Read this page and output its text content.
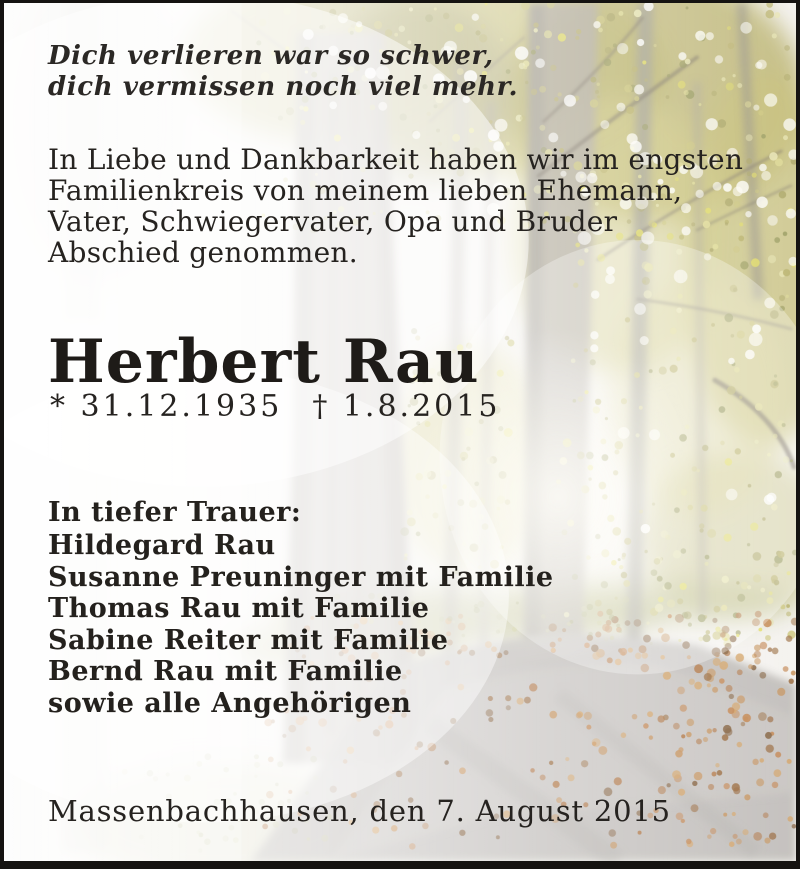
Dich verlieren war so schwer,
dich vermissen noch viel mehr.
In Liebe und Dankbarkeit haben wir im engsten
Familienkreis von meinem lieben Ehemann,
Vater, Schwiegervater, Opa und Bruder
Abschied genommen.
Herbert Rau
* 31.12.1935 † 1.8.2015
In tiefer Trauer:
Hildegard Rau
Susanne Preuninger mit Familie
Thomas Rau mit Familie
Sabine Reiter mit Familie
Bernd Rau mit Familie
sowie alle Angehörigen
Massenbachhausen, den 7. August 2015
